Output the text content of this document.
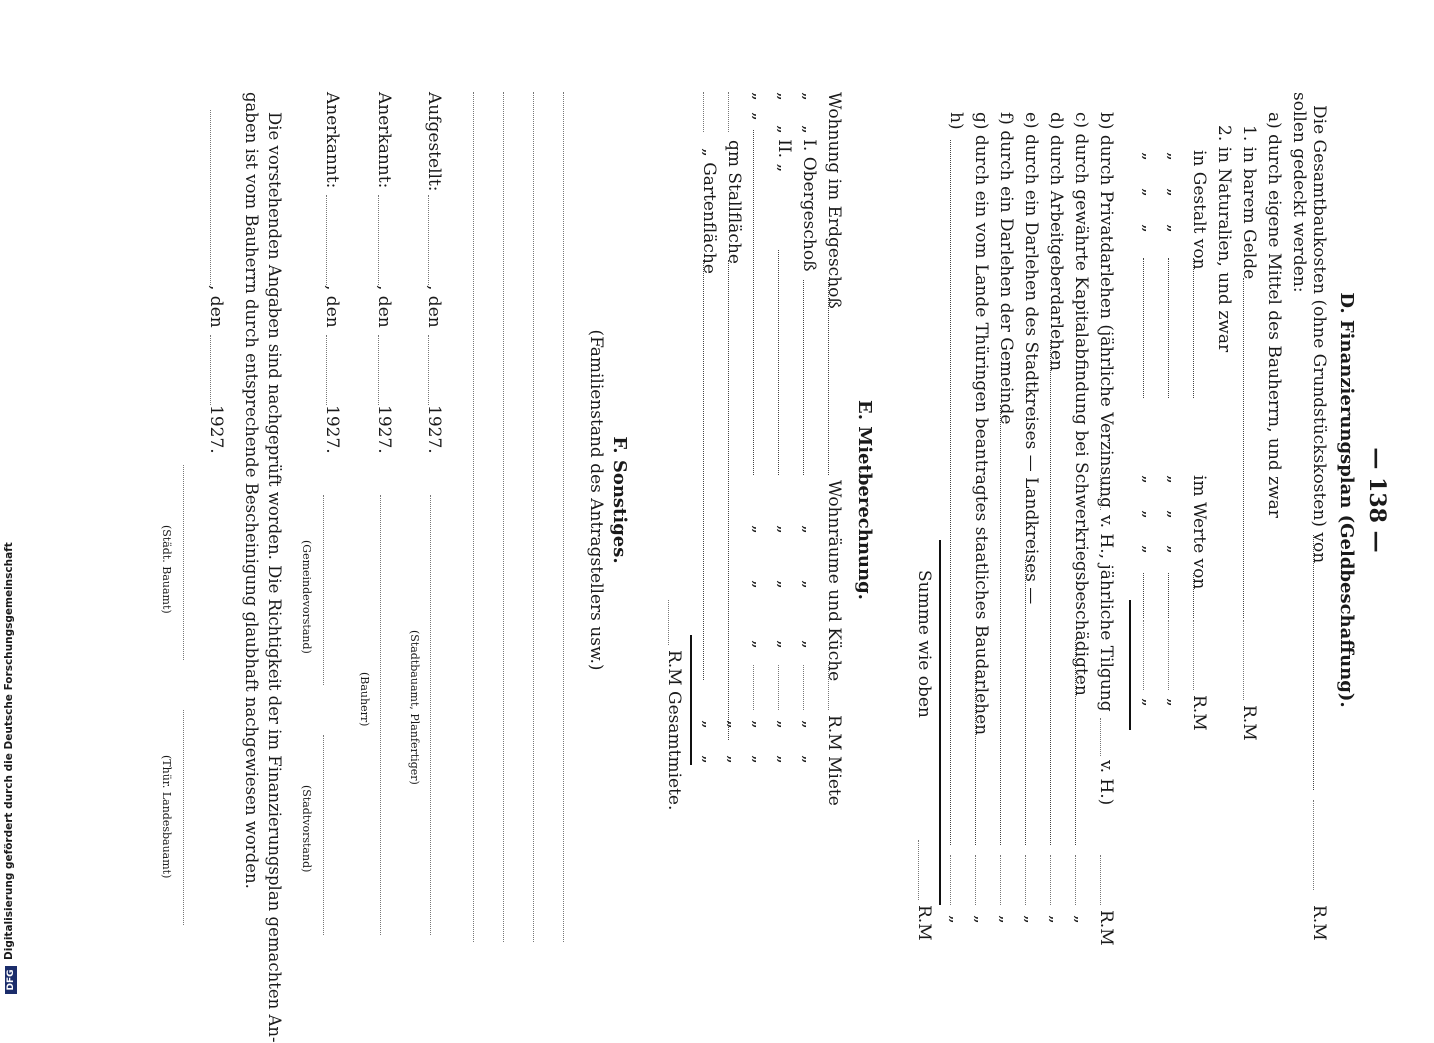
— 138 —
D. Finanzierungsplan (Geldbeschaffung).
Die Gesamtbaukosten (ohne Grundstückskosten) von
R.M
sollen gedeckt werden:
a) durch eigene Mittel des Bauherrn, und zwar
1. in barem Gelde
R.M
2. in Naturalien, und zwar
in Gestalt von
im Werte von
R.M
„
„
„
„
„
„
„
„
„
„
„
„
„
„
b) durch Privatdarlehen (jährliche Verzinsung
v. H., jährliche Tilgung
v. H.)
R.M
c) durch gewährte Kapitalabfindung bei Schwerkriegsbeschädigten
„
d) durch Arbeitgeberdarlehen
„
e) durch ein Darlehen des Stadtkreises — Landkreises —
„
f) durch ein Darlehen der Gemeinde
„
g) durch ein vom Lande Thüringen beantragtes staatliches Baudarlehen
„
h)
„
Summe wie oben
R.M
E. Mietberechnung.
Wohnung im Erdgeschoß
Wohnräume und Küche
R.M Miete
„
„ I. Obergeschoß
„
„
„
„
„
„
„ II. „
„
„
„
„
„
„
„
„
„
„
„
„
qm Stallfläche
„
„
„ Gartenfläche
„
„
R.M Gesamtmiete.
F. Sonstiges.
(Familienstand des Antragstellers usw.)
Aufgestellt:
, den
1927.
(Stadtbauamt, Planfertiger)
Anerkannt:
, den
1927.
(Bauherr)
Anerkannt:
, den
1927.
(Gemeindevorstand)
(Stadtvorstand)
Die vorstehenden Angaben sind nachgeprüft worden. Die Richtigkeit der im Finanzierungsplan gemachten An-
gaben ist vom Bauherrn durch entsprechende Bescheinigung glaubhaft nachgewiesen worden.
, den
1927.
(Städt. Bauamt)
(Thür. Landesbauamt)
DFG
Digitalisierung gefördert durch die Deutsche Forschungsgemeinschaft
